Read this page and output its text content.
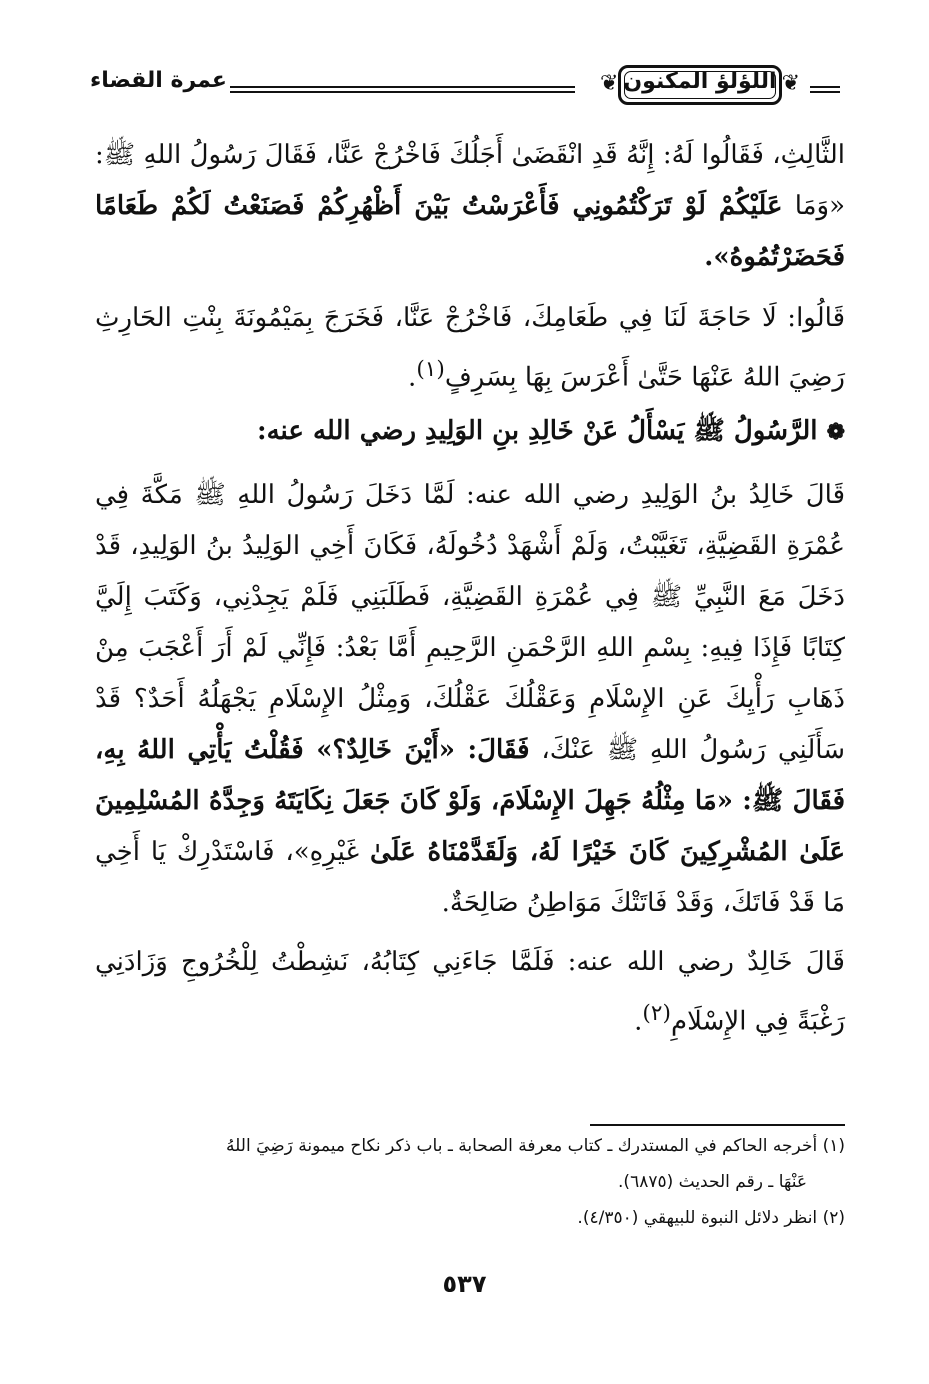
❦ اللؤلؤ المكنون ❦
عمرة القضاء

الثَّالِثِ، فَقَالُوا لَهُ: إِنَّهُ قَدِ انْقَضَىٰ أَجَلُكَ فَاخْرُجْ عَنَّا، فَقَالَ رَسُولُ اللهِ ﷺ: «وَمَا عَلَيْكُمْ لَوْ تَرَكْتُمُونِي فَأَعْرَسْتُ بَيْنَ أَظْهُرِكُمْ فَصَنَعْتُ لَكُمْ طَعَامًا فَحَضَرْتُمُوهُ».

قَالُوا: لَا حَاجَةَ لَنَا فِي طَعَامِكَ، فَاخْرُجْ عَنَّا، فَخَرَجَ بِمَيْمُونَةَ بِنْتِ الحَارِثِ رَضِيَ اللهُ عَنْهَا حَتَّىٰ أَعْرَسَ بِهَا بِسَرِفٍ$^{(١)}$.

❁ الرَّسُولُ ﷺ يَسْأَلُ عَنْ خَالِدِ بنِ الوَلِيدِ رضي الله عنه:

قَالَ خَالِدُ بنُ الوَلِيدِ رضي الله عنه: لَمَّا دَخَلَ رَسُولُ اللهِ ﷺ مَكَّةَ فِي عُمْرَةِ القَضِيَّةِ، تَغَيَّبْتُ، وَلَمْ أَشْهَدْ دُخُولَهُ، فَكَانَ أَخِي الوَلِيدُ بنُ الوَلِيدِ، قَدْ دَخَلَ مَعَ النَّبِيِّ ﷺ فِي عُمْرَةِ القَضِيَّةِ، فَطَلَبَنِي فَلَمْ يَجِدْنِي، وَكَتَبَ إِلَيَّ كِتَابًا فَإِذَا فِيهِ: بِسْمِ اللهِ الرَّحْمَنِ الرَّحِيمِ أَمَّا بَعْدُ: فَإِنِّي لَمْ أَرَ أَعْجَبَ مِنْ ذَهَابِ رَأْيِكَ عَنِ الإِسْلَامِ وَعَقْلُكَ عَقْلُكَ، وَمِثْلُ الإِسْلَامِ يَجْهَلُهُ أَحَدٌ؟ قَدْ سَأَلَنِي رَسُولُ اللهِ ﷺ عَنْكَ، فَقَالَ: «أَيْنَ خَالِدٌ؟» فَقُلْتُ يَأْتِي اللهُ بِهِ، فَقَالَ ﷺ: «مَا مِثْلُهُ جَهِلَ الإِسْلَامَ، وَلَوْ كَانَ جَعَلَ نِكَايَتَهُ وَجِدَّهُ المُسْلِمِينَ عَلَىٰ المُشْرِكِينَ كَانَ خَيْرًا لَهُ، وَلَقَدَّمْنَاهُ عَلَىٰ غَيْرِهِ»، فَاسْتَدْرِكْ يَا أَخِي مَا قَدْ فَاتَكَ، وَقَدْ فَاتَتْكَ مَوَاطِنُ صَالِحَةٌ.

قَالَ خَالِدٌ رضي الله عنه: فَلَمَّا جَاءَنِي كِتَابُهُ، نَشِطْتُ لِلْخُرُوجِ وَزَادَنِي رَغْبَةً فِي الإِسْلَامِ$^{(٢)}$.

(١) أخرجه الحاكم في المستدرك ـ كتاب معرفة الصحابة ـ باب ذكر نكاح ميمونة رَضِيَ اللهُ

عَنْهَا ـ رقم الحديث (٦٨٧٥).

(٢) انظر دلائل النبوة للبيهقي (٤/٣٥٠).

٥٣٧
